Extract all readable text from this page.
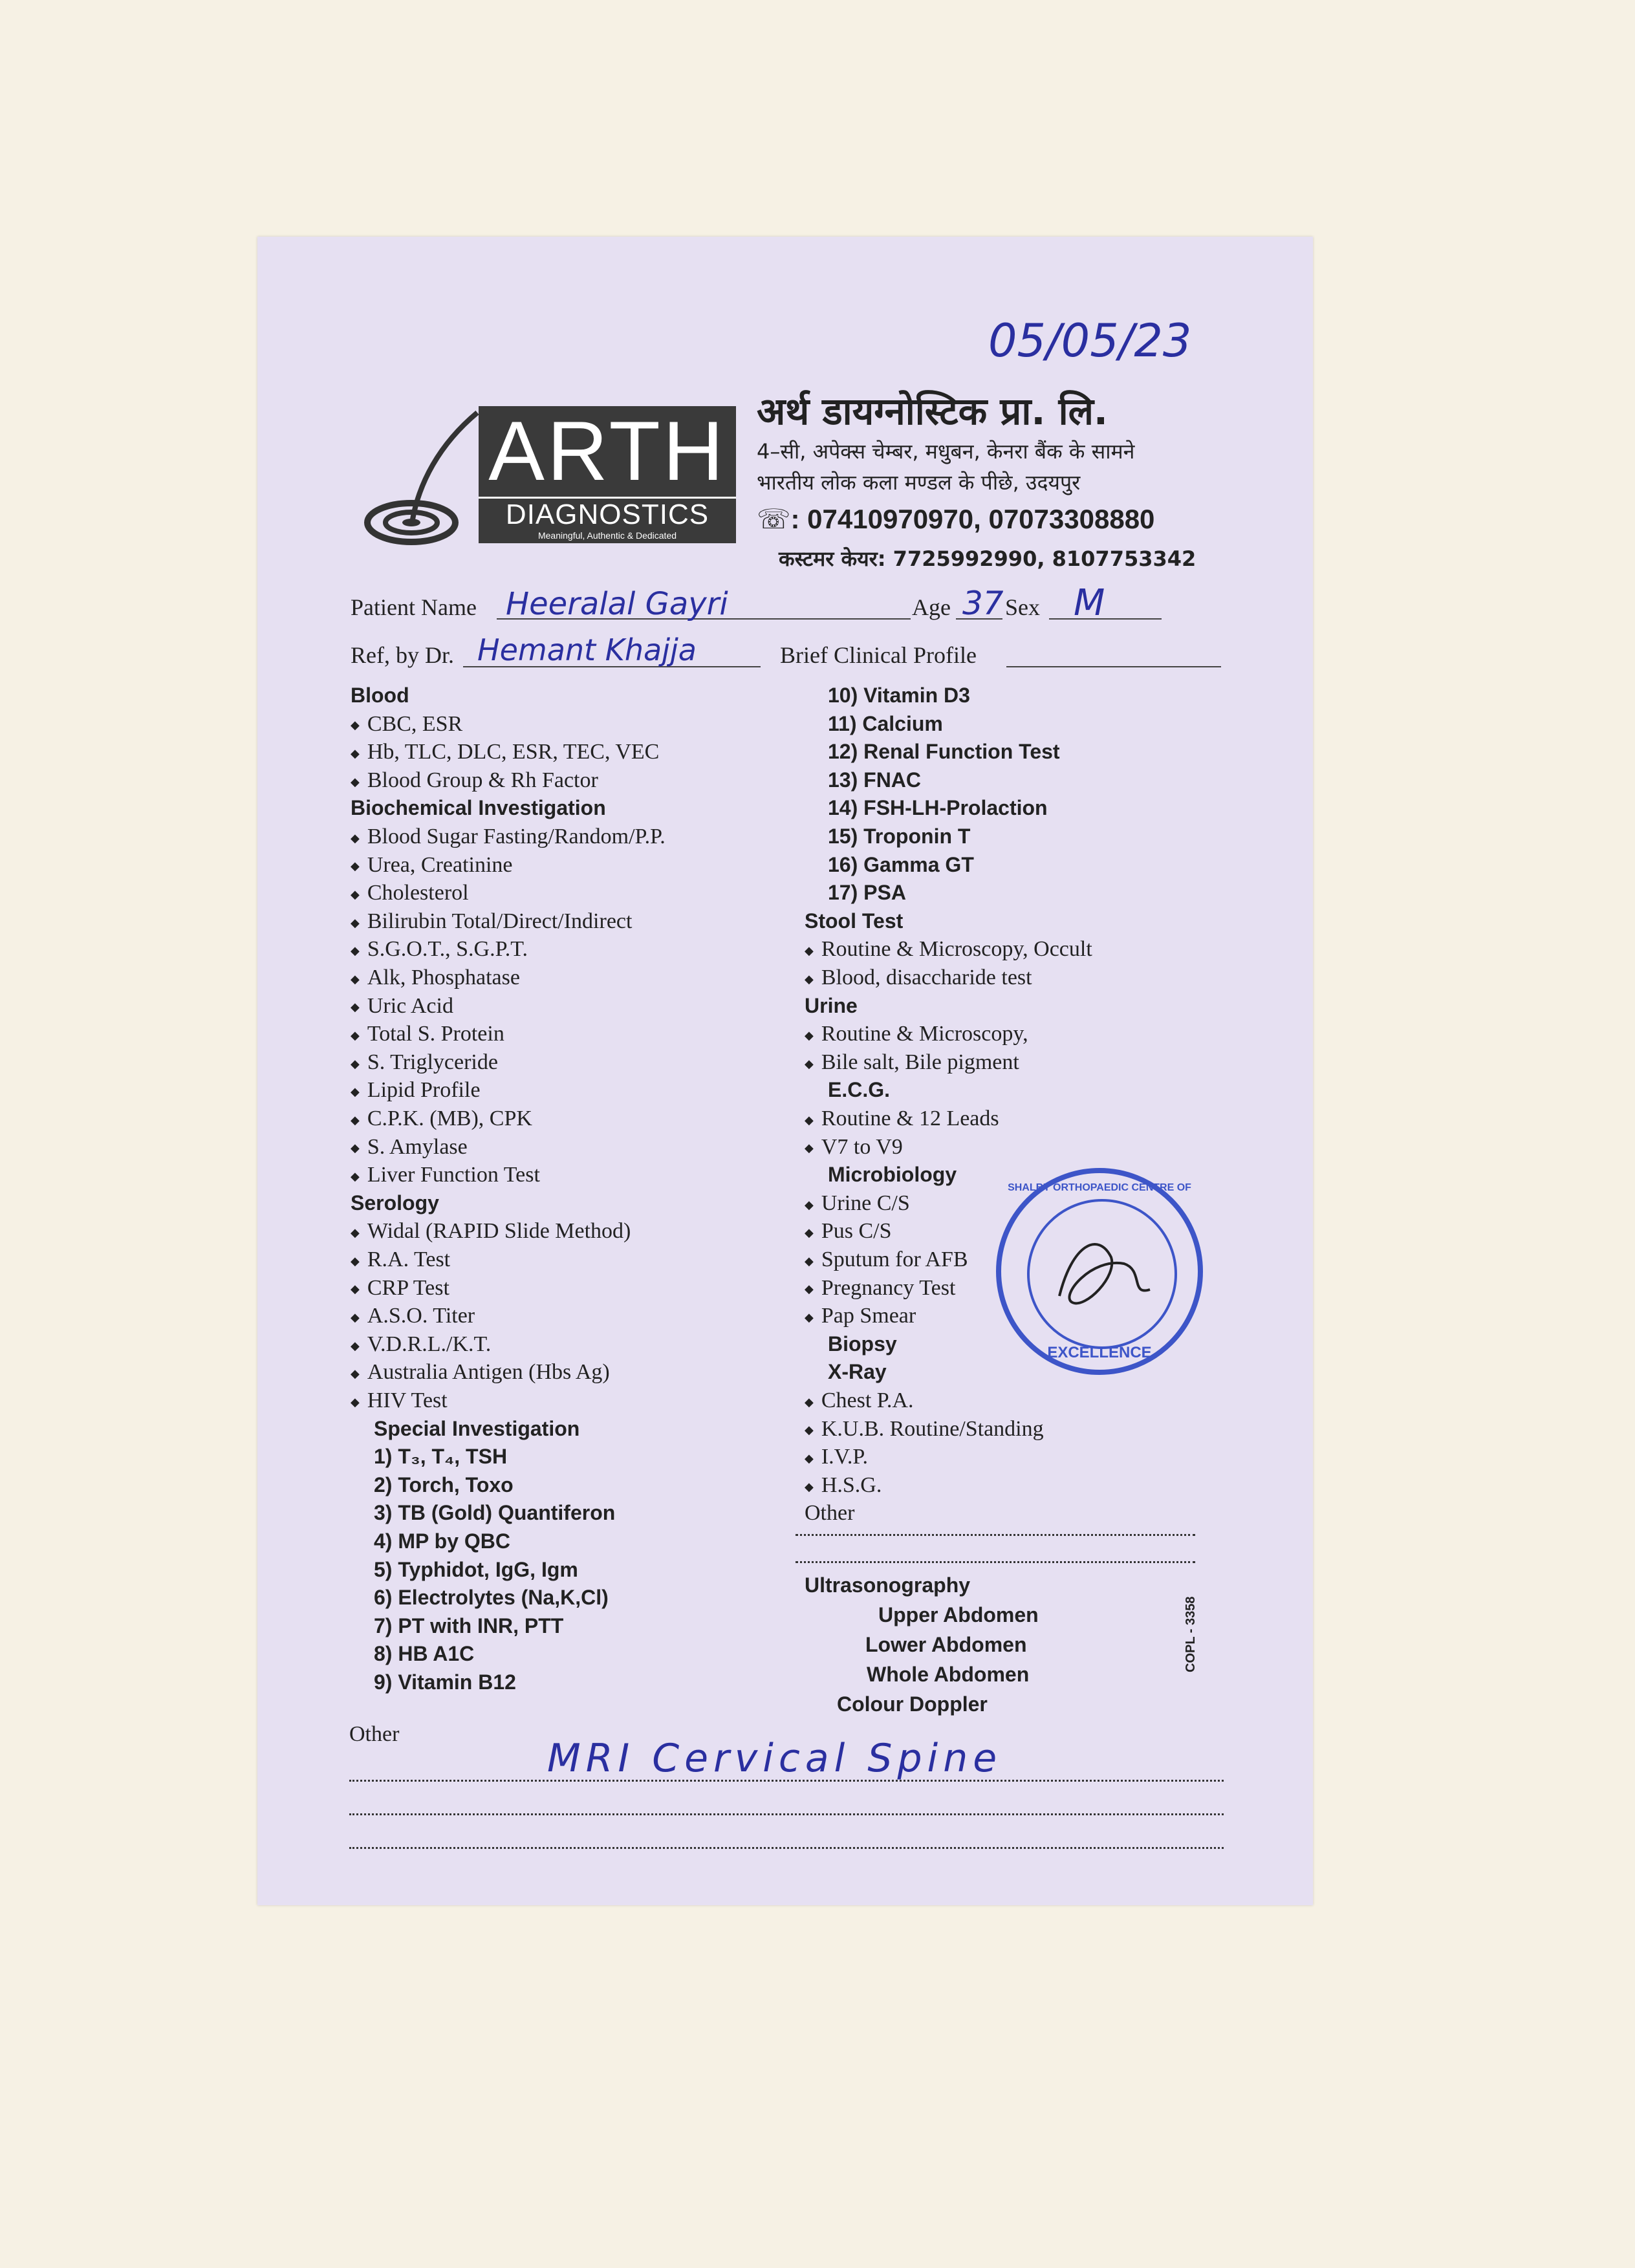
05/05/23
ARTH
DIAGNOSTICS
Meaningful, Authentic & Dedicated
अर्थ डायग्नोस्टिक प्रा. लि.
4–सी, अपेक्स चेम्बर, मधुबन, केनरा बैंक के सामने
भारतीय लोक कला मण्डल के पीछे, उदयपुर
☏: 07410970970, 07073308880
कस्टमर केयर: 7725992990, 8107753342
Patient Name Heeralal Gayri	Age 37 Sex M
Ref, by Dr. Hemant Khajja	Brief Clinical Profile
Blood
◆ CBC, ESR
◆ Hb, TLC, DLC, ESR, TEC, VEC
◆ Blood Group & Rh Factor
Biochemical Investigation
◆ Blood Sugar Fasting/Random/P.P.
◆ Urea, Creatinine
◆ Cholesterol
◆ Bilirubin Total/Direct/Indirect
◆ S.G.O.T., S.G.P.T.
◆ Alk, Phosphatase
◆ Uric Acid
◆ Total S. Protein
◆ S. Triglyceride
◆ Lipid Profile
◆ C.P.K. (MB), CPK
◆ S. Amylase
◆ Liver Function Test
Serology
◆ Widal (RAPID Slide Method)
◆ R.A. Test
◆ CRP Test
◆ A.S.O. Titer
◆ V.D.R.L./K.T.
◆ Australia Antigen (Hbs Ag)
◆ HIV Test
Special Investigation
1) T₃, T₄, TSH
2) Torch, Toxo
3) TB (Gold) Quantiferon
4) MP by QBC
5) Typhidot, IgG, Igm
6) Electrolytes (Na,K,Cl)
7) PT with INR, PTT
8) HB A1C
9) Vitamin B12
10) Vitamin D3
11) Calcium
12) Renal Function Test
13) FNAC
14) FSH-LH-Prolaction
15) Troponin T
16) Gamma GT
17) PSA
Stool Test
◆ Routine & Microscopy, Occult
◆ Blood, disaccharide test
Urine
◆ Routine & Microscopy,
◆ Bile salt, Bile pigment
E.C.G.
◆ Routine & 12 Leads
◆ V7 to V9
Microbiology
◆ Urine C/S
◆ Pus C/S
◆ Sputum for AFB
◆ Pregnancy Test
◆ Pap Smear
Biopsy
X-Ray
◆ Chest P.A.
◆ K.U.B. Routine/Standing
◆ I.V.P.
◆ H.S.G.
Other
Ultrasonography
Upper Abdomen
Lower Abdomen
Whole Abdomen
Colour Doppler
COPL - 3358
SHALBY ORTHOPAEDIC CENTRE OF
EXCELLENCE
Other
MRI Cervical Spine
